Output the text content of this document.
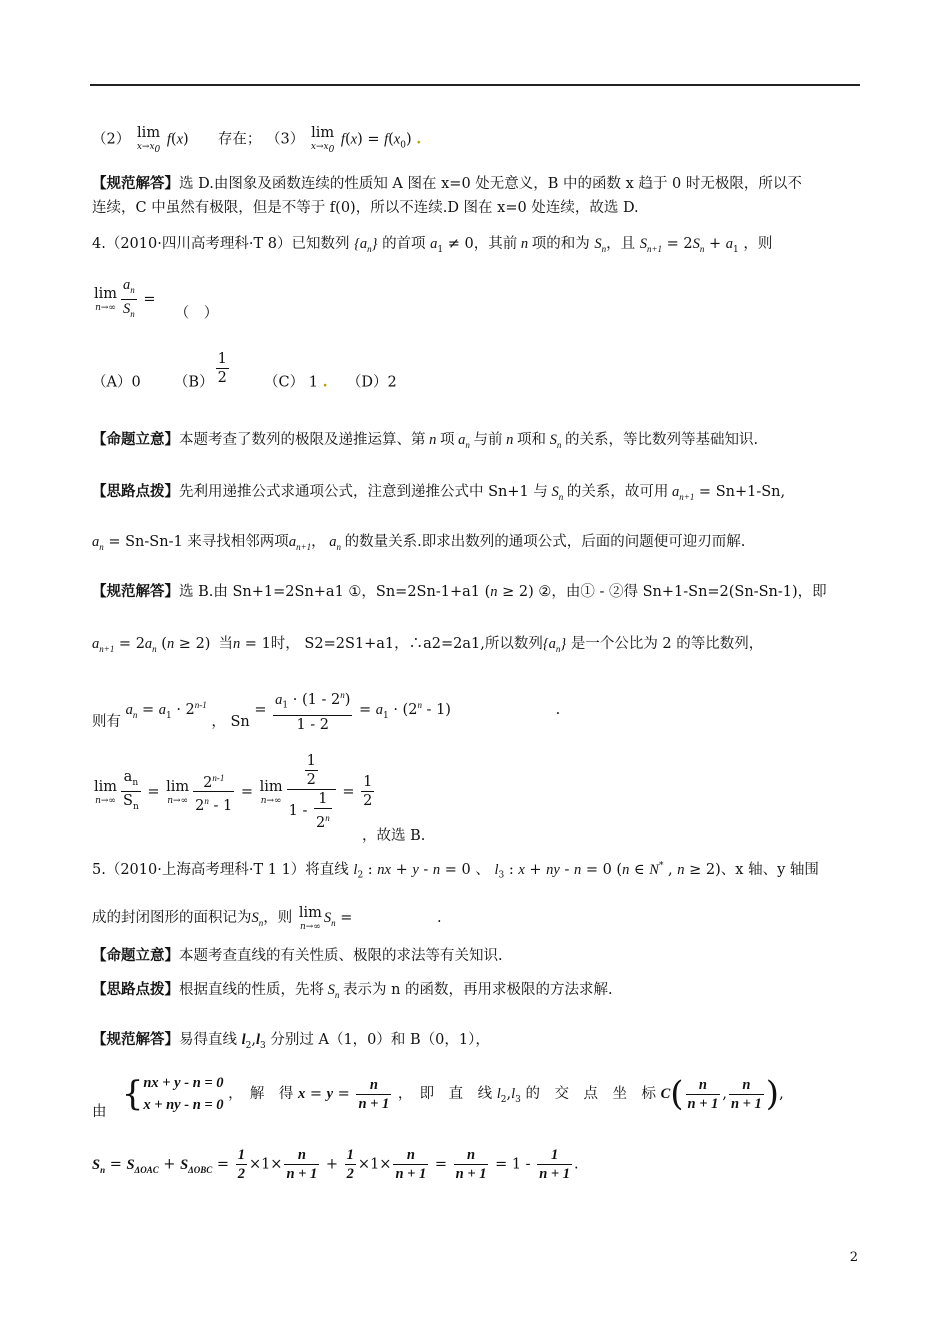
（2） lim
$x\to x_0$
f(x)  存在； （3） lim
$x\to x_0$
$f(x) = f(x_0)$ .
【规范解答】选 D.由图象及函数连续的性质知 A 图在 x=0 处无意义，B 中的函数 x 趋于 0 时无极限，所以不
连续，C 中虽然有极限，但是不等于 f(0)，所以不连续.D 图在 x=0 处连续，故选 D.
4.（2010·四川高考理科·T 8）已知数列 $\{a_n\}$ 的首项 $a_1 \ne 0$，其前 n 项的和为 $S_n$，且 $S_{n+1} = 2S_n + a_1$ ，则
lim
$n\to\infty \frac{a_n}{S_n}$ =  （　）
（A）0 $(B) \frac{1}{2} (C)$ 1 . （D）2
【命题立意】本题考查了数列的极限及递推运算、第 n 项 $a_n$ 与前 n 项和 $S_n$ 的关系，等比数列等基础知识.
【思路点拨】先利用递推公式求通项公式，注意到递推公式中 Sn+1 与 $S_n$ 的关系，故可用 $a_{n+1} = Sn+1-Sn$,
$a_n = Sn-Sn-1$ 来寻找相邻两项$a_{n+1}$， $a_n$ 的数量关系.即求出数列的通项公式，后面的问题便可迎刃而解.
【规范解答】选 B.由 Sn+1=2Sn+a1 ①，Sn=2Sn-1+a1 (n ≥ 2) ②，由① - ②得 Sn+1-Sn=2(Sn-Sn-1)，即
$a_{n+1} = 2a_n$ (n ≥ 2) 当n = 1时， S2=2S1+a1，∴a2=2a1,所以数列$\{a_n\}$ 是一个公比为 2 的等比数列，
则有 $a_n = a_1 \cdot 2^{n-1}$ ， $Sn = \frac{a_1 \cdot (1 - 2^n)}{1 - 2} = a_1 \cdot (2^n - 1)$	.
lim
$n\to\infty \frac{a_n}{S_n} = \lim$
$n\to\infty \frac{2^{n-1}}{2^n - 1} = \lim$
$n\to\infty \frac{\frac{1}{2}}{1 - \frac{1}{2^n}} = \frac{1}{2}$
，故选 B.
5.（2010·上海高考理科·T 1 1）将直线 $l_2$ : nx + y - n = 0 、 $l_3$ : x + ny - n = 0 (n ∈ N* , n ≥ 2)、x 轴、y 轴围
成的封闭图形的面积记为$S_n$，则 lim
n→∞
$S_n$ =	.
【命题立意】本题考查直线的有关性质、极限的求法等有关知识.
【思路点拨】根据直线的性质，先将 $S_n$ 表示为 n 的函数，再用求极限的方法求解.
【规范解答】易得直线 $l_2,l_3$ 分别过 A（1，0）和 B（0，1），
由 { nx + y - n = 0
x + ny - n = 0
，　解　得 $x = y = \frac{n}{n + 1}$ ，　即　直　线 $l_2,l_3$ 的　交　点　坐　标 $C( \frac{n}{n + 1}$ , $\frac{n}{n + 1}$ ),
$S_n = S_{\Delta OAC} + S_{\Delta OBC} = \frac{1}{2} \times 1\times \frac{n}{n + 1} + \frac{1}{2} \times 1\times \frac{n}{n + 1} = \frac{n}{n + 1} = 1 - \frac{1}{n + 1}$ .
2
